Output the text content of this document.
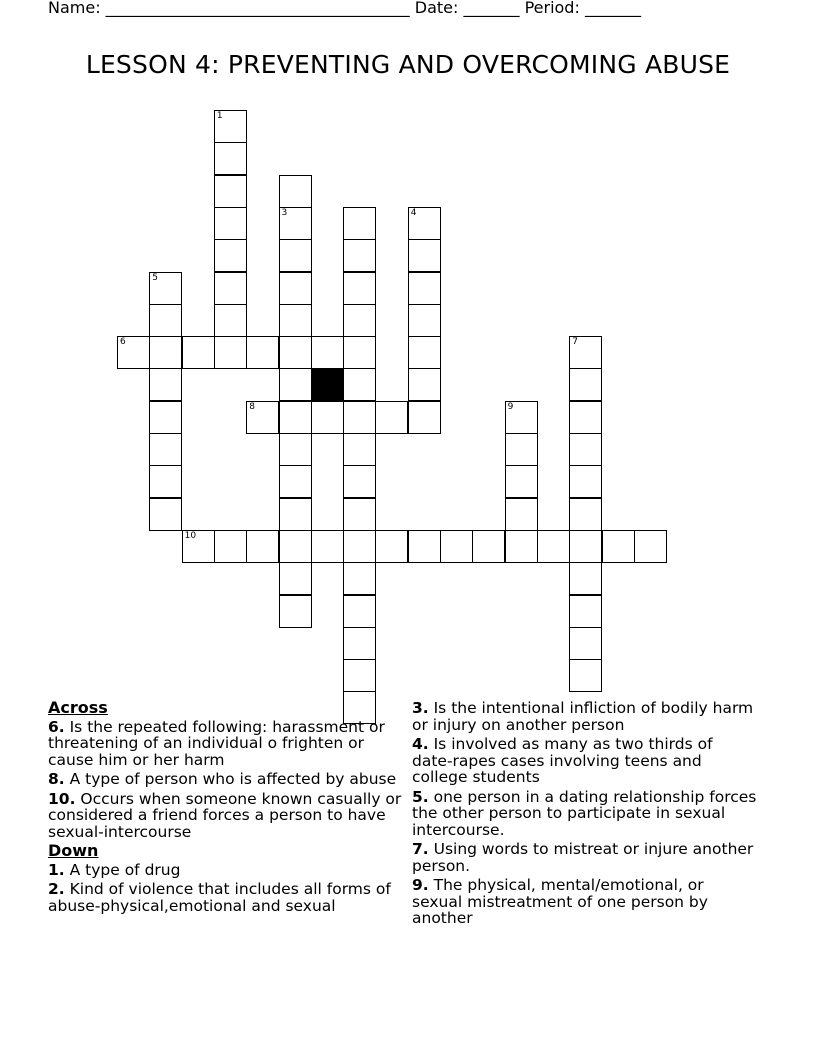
Name: ______________________________________ Date: _______ Period: _______
LESSON 4: PREVENTING AND OVERCOMING ABUSE
1
3	4
5
7
9
6
8
10
Across
6. Is the repeated following: harassment or threatening of an individual o frighten or cause him or her harm
8. A type of person who is affected by abuse
10. Occurs when someone known casually or considered a friend forces a person to have sexual-intercourse
Down
1. A type of drug
2. Kind of violence that includes all forms of abuse-physical,emotional and sexual
3. Is the intentional infliction of bodily harm or injury on another person
4. Is involved as many as two thirds of date-rapes cases involving teens and college students
5. one person in a dating relationship forces the other person to participate in sexual intercourse.
7. Using words to mistreat or injure another person.
9. The physical, mental/emotional, or sexual mistreatment of one person by another
